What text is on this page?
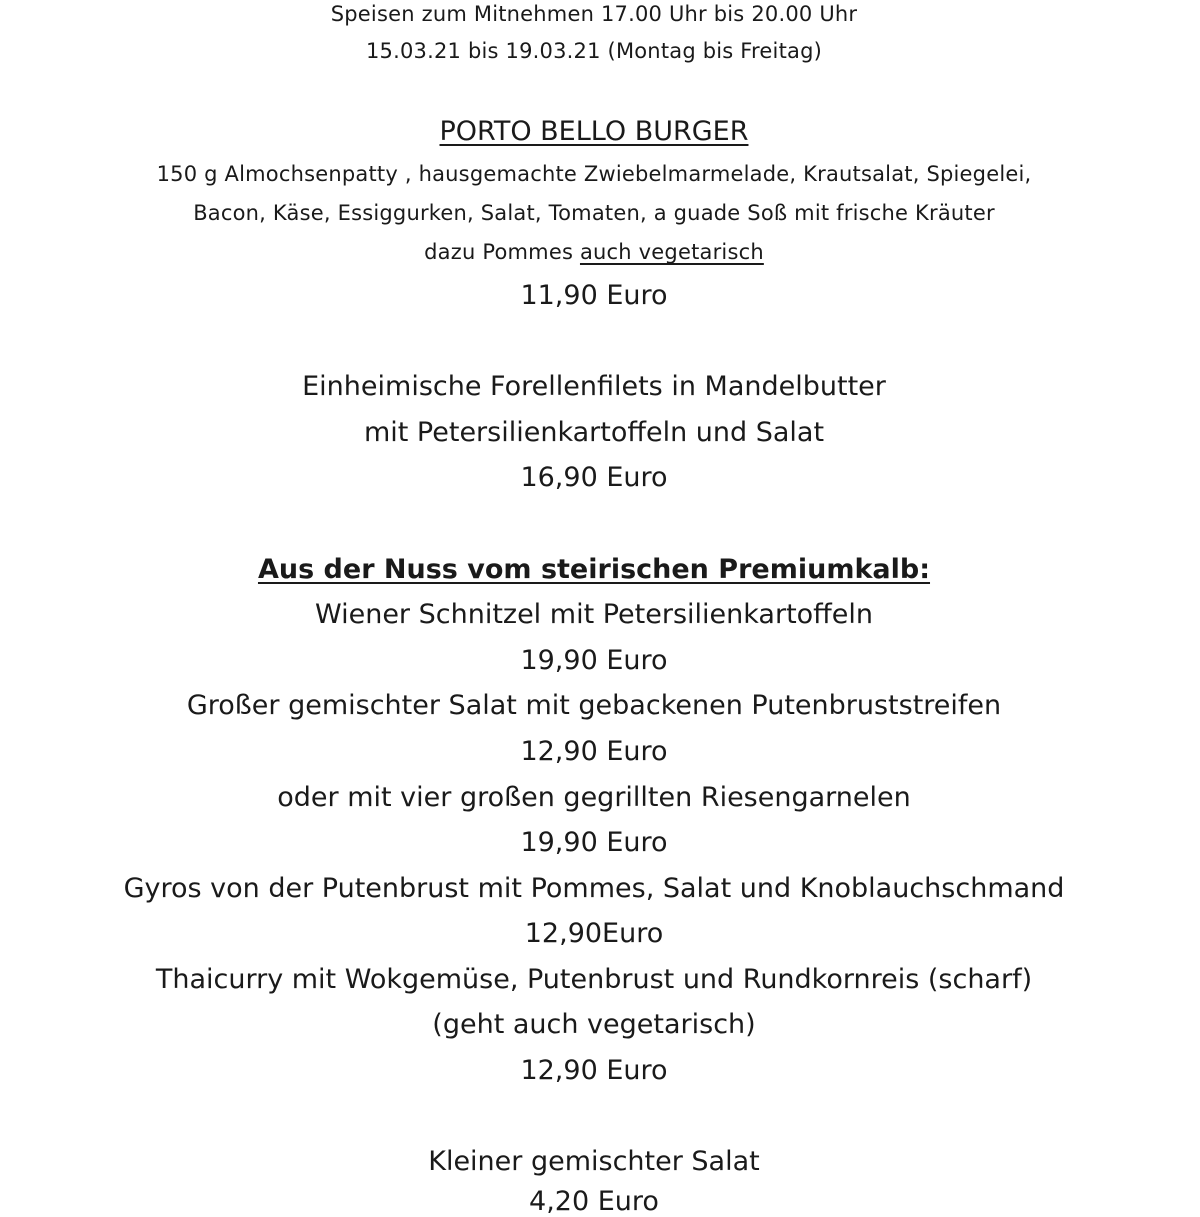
Speisen zum Mitnehmen 17.00 Uhr bis 20.00 Uhr
15.03.21 bis 19.03.21 (Montag bis Freitag)
PORTO BELLO BURGER
150 g Almochsenpatty , hausgemachte Zwiebelmarmelade, Krautsalat, Spiegelei,
Bacon, Käse, Essiggurken, Salat, Tomaten, a guade Soß mit frische Kräuter
dazu Pommes auch vegetarisch
11,90 Euro
Einheimische Forellenfilets in Mandelbutter
mit Petersilienkartoffeln und Salat
16,90 Euro
Aus der Nuss vom steirischen Premiumkalb:
Wiener Schnitzel mit Petersilienkartoffeln
19,90 Euro
Großer gemischter Salat mit gebackenen Putenbruststreifen
12,90 Euro
oder mit vier großen gegrillten Riesengarnelen
19,90 Euro
Gyros von der Putenbrust mit Pommes, Salat und Knoblauchschmand
12,90Euro
Thaicurry mit Wokgemüse, Putenbrust und Rundkornreis (scharf)
(geht auch vegetarisch)
12,90 Euro
Kleiner gemischter Salat
4,20 Euro
